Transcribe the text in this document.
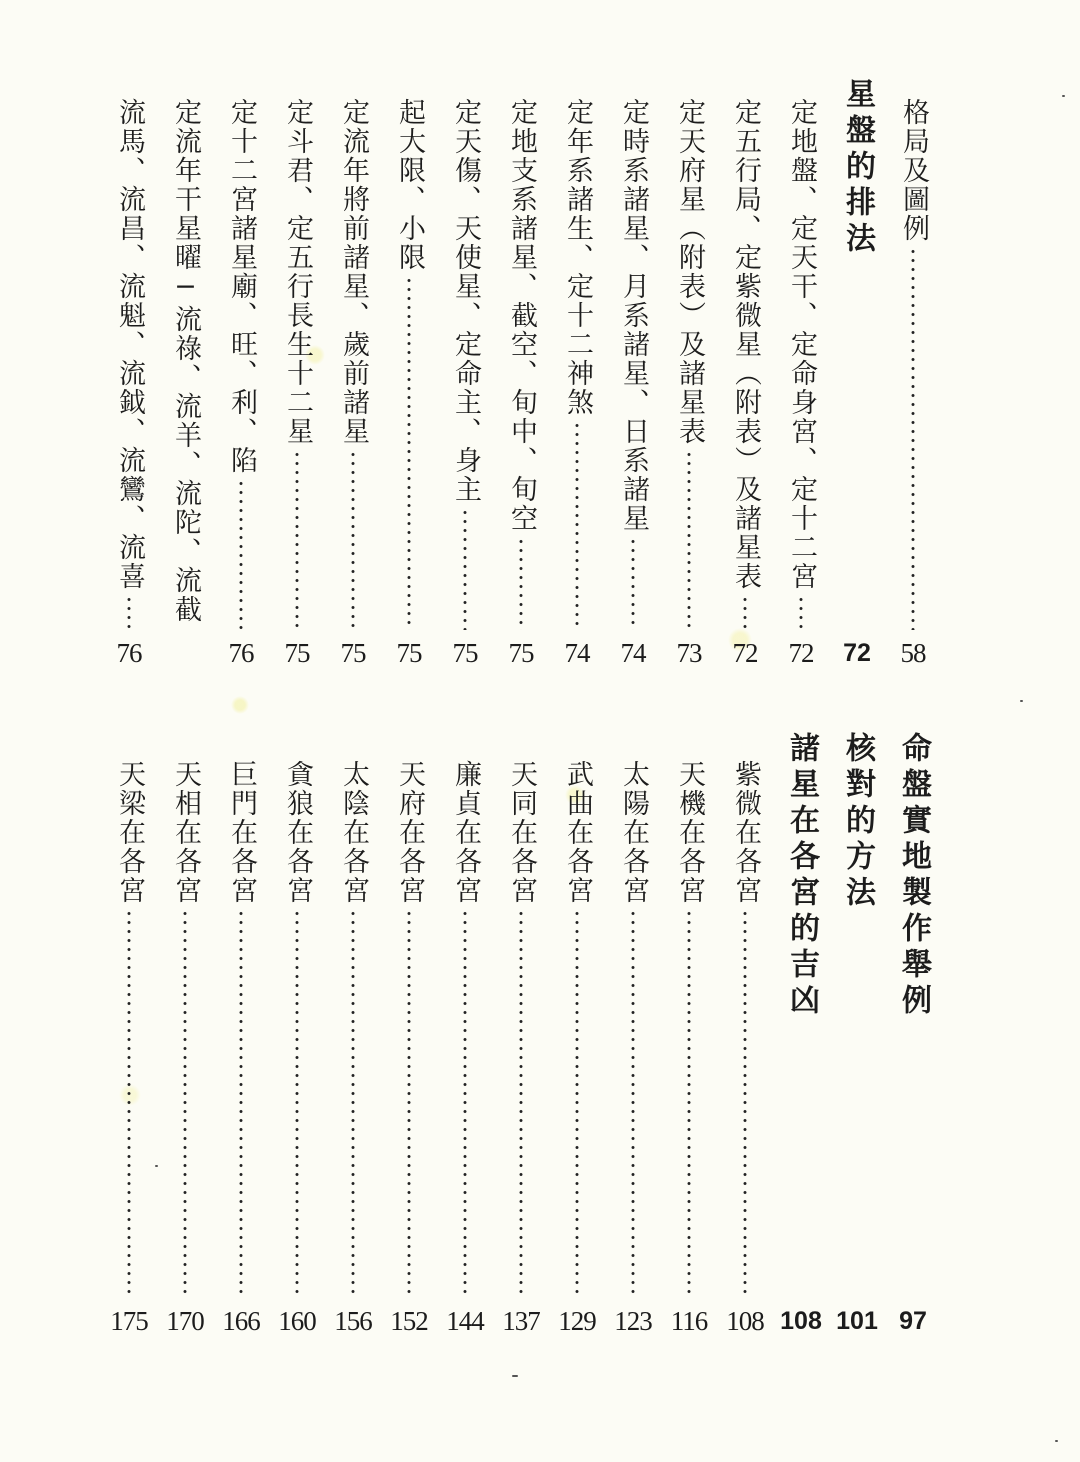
格局及圖例
58
星盤的排法
72
定地盤、定天干、定命身宮、定十二宮
72
定五行局、定紫微星（附表）及諸星表
72
定天府星（附表）及諸星表
73
定時系諸星、月系諸星、日系諸星
74
定年系諸生、定十二神煞
74
定地支系諸星、截空、旬中、旬空
75
定天傷、天使星、定命主、身主
75
起大限、小限
75
定流年將前諸星、歲前諸星
75
定斗君、定五行長生十二星
75
定十二宮諸星廟、旺、利、陷
76
定流年干星曜─流祿、流羊、流陀、流截
流馬、流昌、流魁、流鉞、流鸞、流喜
76
命盤實地製作舉例
97
核對的方法
101
諸星在各宮的吉凶
108
紫微在各宮
108
天機在各宮
116
太陽在各宮
123
武曲在各宮
129
天同在各宮
137
廉貞在各宮
144
天府在各宮
152
太陰在各宮
156
貪狼在各宮
160
巨門在各宮
166
天相在各宮
170
天梁在各宮
175
